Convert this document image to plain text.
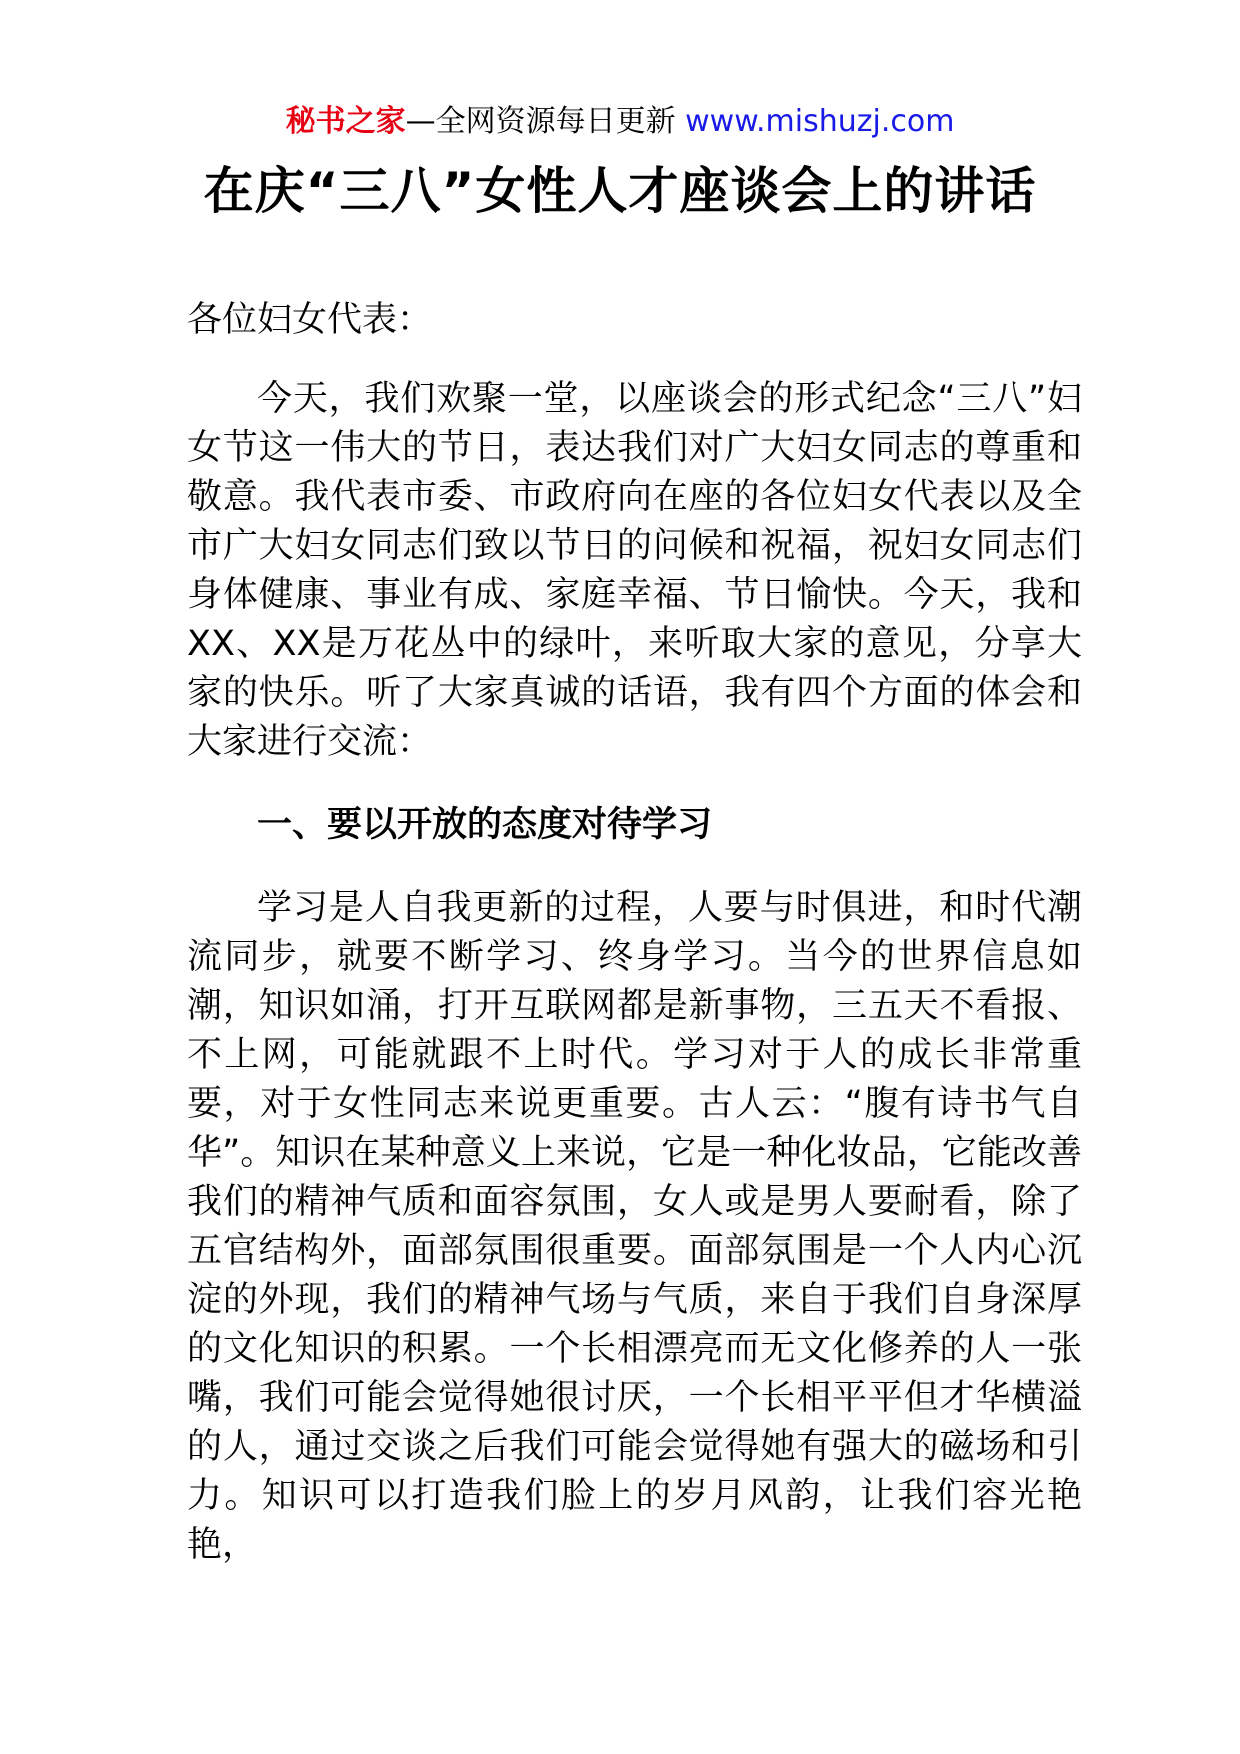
秘书之家—全网资源每日更新 www.mishuzj.com
在庆“三八”女性人才座谈会上的讲话

各位妇女代表：

今天，我们欢聚一堂，以座谈会的形式纪念“三八”妇女节这一伟大的节日，表达我们对广大妇女同志的尊重和敬意。我代表市委、市政府向在座的各位妇女代表以及全市广大妇女同志们致以节日的问候和祝福，祝妇女同志们身体健康、事业有成、家庭幸福、节日愉快。今天，我和XX、XX是万花丛中的绿叶，来听取大家的意见，分享大家的快乐。听了大家真诚的话语，我有四个方面的体会和大家进行交流：

一、要以开放的态度对待学习

学习是人自我更新的过程，人要与时俱进，和时代潮流同步，就要不断学习、终身学习。当今的世界信息如潮，知识如涌，打开互联网都是新事物，三五天不看报、不上网，可能就跟不上时代。学习对于人的成长非常重要，对于女性同志来说更重要。古人云：“腹有诗书气自华”。知识在某种意义上来说，它是一种化妆品，它能改善我们的精神气质和面容氛围，女人或是男人要耐看，除了五官结构外，面部氛围很重要。面部氛围是一个人内心沉淀的外现，我们的精神气场与气质，来自于我们自身深厚的文化知识的积累。一个长相漂亮而无文化修养的人一张嘴，我们可能会觉得她很讨厌，一个长相平平但才华横溢的人，通过交谈之后我们可能会觉得她有强大的磁场和引力。知识可以打造我们脸上的岁月风韵，让我们容光艳艳，
